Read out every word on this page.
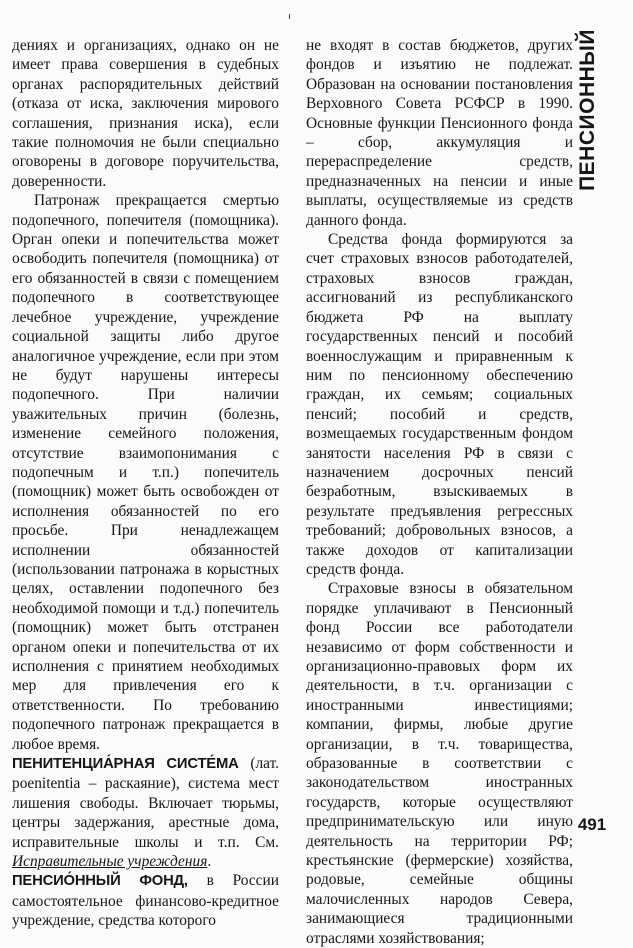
дениях и организациях, однако он не имеет права совершения в судебных органах распорядительных действий (отказа от иска, заключения мирового соглашения, признания иска), если такие полномочия не были специально оговорены в договоре поручительства, доверенности.

Патронаж прекращается смертью подопечного, попечителя (помощника). Орган опеки и попечительства может освободить попечителя (помощника) от его обязанностей в связи с помещением подопечного в соответствующее лечебное учреждение, учреждение социальной защиты либо другое аналогичное учреждение, если при этом не будут нарушены интересы подопечного. При наличии уважительных причин (болезнь, изменение семейного положения, отсутствие взаимопонимания с подопечным и т.п.) попечитель (помощник) может быть освобожден от исполнения обязанностей по его просьбе. При ненадлежащем исполнении обязанностей (использовании патронажа в корыстных целях, оставлении подопечного без необходимой помощи и т.д.) попечитель (помощник) может быть отстранен органом опеки и попечительства от их исполнения с принятием необходимых мер для привлечения его к ответственности. По требованию подопечного патронаж прекращается в любое время.

ПЕНИТЕНЦИА́РНАЯ СИСТЕ́МА (лат. poenitentia – раскаяние), система мест лишения свободы. Включает тюрьмы, центры задержания, арестные дома, исправительные школы и т.п. См. Исправительные учреждения.

ПЕНСИО́ННЫЙ ФОНД, в России самостоятельное финансово-кредитное учреждение, средства которого

не входят в состав бюджетов, других фондов и изъятию не подлежат. Образован на основании постановления Верховного Совета РСФСР в 1990. Основные функции Пенсионного фонда – сбор, аккумуляция и перераспределение средств, предназначенных на пенсии и иные выплаты, осуществляемые из средств данного фонда.

Средства фонда формируются за счет страховых взносов работодателей, страховых взносов граждан, ассигнований из республиканского бюджета РФ на выплату государственных пенсий и пособий военнослужащим и приравненным к ним по пенсионному обеспечению граждан, их семьям; социальных пенсий; пособий и средств, возмещаемых государственным фондом занятости населения РФ в связи с назначением досрочных пенсий безработным, взыскиваемых в результате предъявления регрессных требований; добровольных взносов, а также доходов от капитализации средств фонда.

Страховые взносы в обязательном порядке уплачивают в Пенсионный фонд России все работодатели независимо от форм собственности и организационно-правовых форм их деятельности, в т.ч. организации с иностранными инвестициями; компании, фирмы, любые другие организации, в т.ч. товарищества, образованные в соответствии с законодательством иностранных государств, которые осуществляют предпринимательскую или иную деятельность на территории РФ; крестьянские (фермерские) хозяйства, родовые, семейные общины малочисленных народов Севера, занимающиеся традиционными отраслями хозяйствования;

ПЕНСИОННЫЙ
491
